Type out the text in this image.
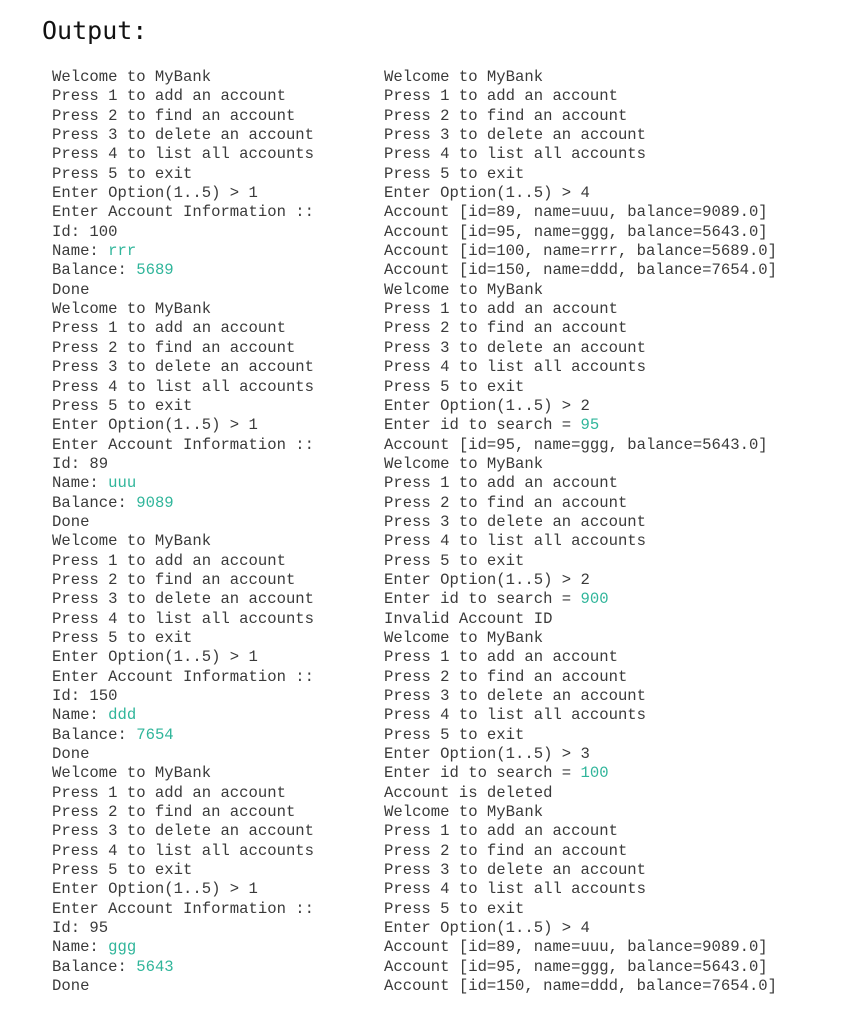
Output:
Welcome to MyBank
Press 1 to add an account
Press 2 to find an account
Press 3 to delete an account
Press 4 to list all accounts
Press 5 to exit
Enter Option(1..5) > 1
Enter Account Information ::
Id: 100
Name: rrr
Balance: 5689
Done
Welcome to MyBank
Press 1 to add an account
Press 2 to find an account
Press 3 to delete an account
Press 4 to list all accounts
Press 5 to exit
Enter Option(1..5) > 1
Enter Account Information ::
Id: 89
Name: uuu
Balance: 9089
Done
Welcome to MyBank
Press 1 to add an account
Press 2 to find an account
Press 3 to delete an account
Press 4 to list all accounts
Press 5 to exit
Enter Option(1..5) > 1
Enter Account Information ::
Id: 150
Name: ddd
Balance: 7654
Done
Welcome to MyBank
Press 1 to add an account
Press 2 to find an account
Press 3 to delete an account
Press 4 to list all accounts
Press 5 to exit
Enter Option(1..5) > 1
Enter Account Information ::
Id: 95
Name: ggg
Balance: 5643
Done
Welcome to MyBank
Press 1 to add an account
Press 2 to find an account
Press 3 to delete an account
Press 4 to list all accounts
Press 5 to exit
Enter Option(1..5) > 4
Account [id=89, name=uuu, balance=9089.0]
Account [id=95, name=ggg, balance=5643.0]
Account [id=100, name=rrr, balance=5689.0]
Account [id=150, name=ddd, balance=7654.0]
Welcome to MyBank
Press 1 to add an account
Press 2 to find an account
Press 3 to delete an account
Press 4 to list all accounts
Press 5 to exit
Enter Option(1..5) > 2
Enter id to search = 95
Account [id=95, name=ggg, balance=5643.0]
Welcome to MyBank
Press 1 to add an account
Press 2 to find an account
Press 3 to delete an account
Press 4 to list all accounts
Press 5 to exit
Enter Option(1..5) > 2
Enter id to search = 900
Invalid Account ID
Welcome to MyBank
Press 1 to add an account
Press 2 to find an account
Press 3 to delete an account
Press 4 to list all accounts
Press 5 to exit
Enter Option(1..5) > 3
Enter id to search = 100
Account is deleted
Welcome to MyBank
Press 1 to add an account
Press 2 to find an account
Press 3 to delete an account
Press 4 to list all accounts
Press 5 to exit
Enter Option(1..5) > 4
Account [id=89, name=uuu, balance=9089.0]
Account [id=95, name=ggg, balance=5643.0]
Account [id=150, name=ddd, balance=7654.0]
